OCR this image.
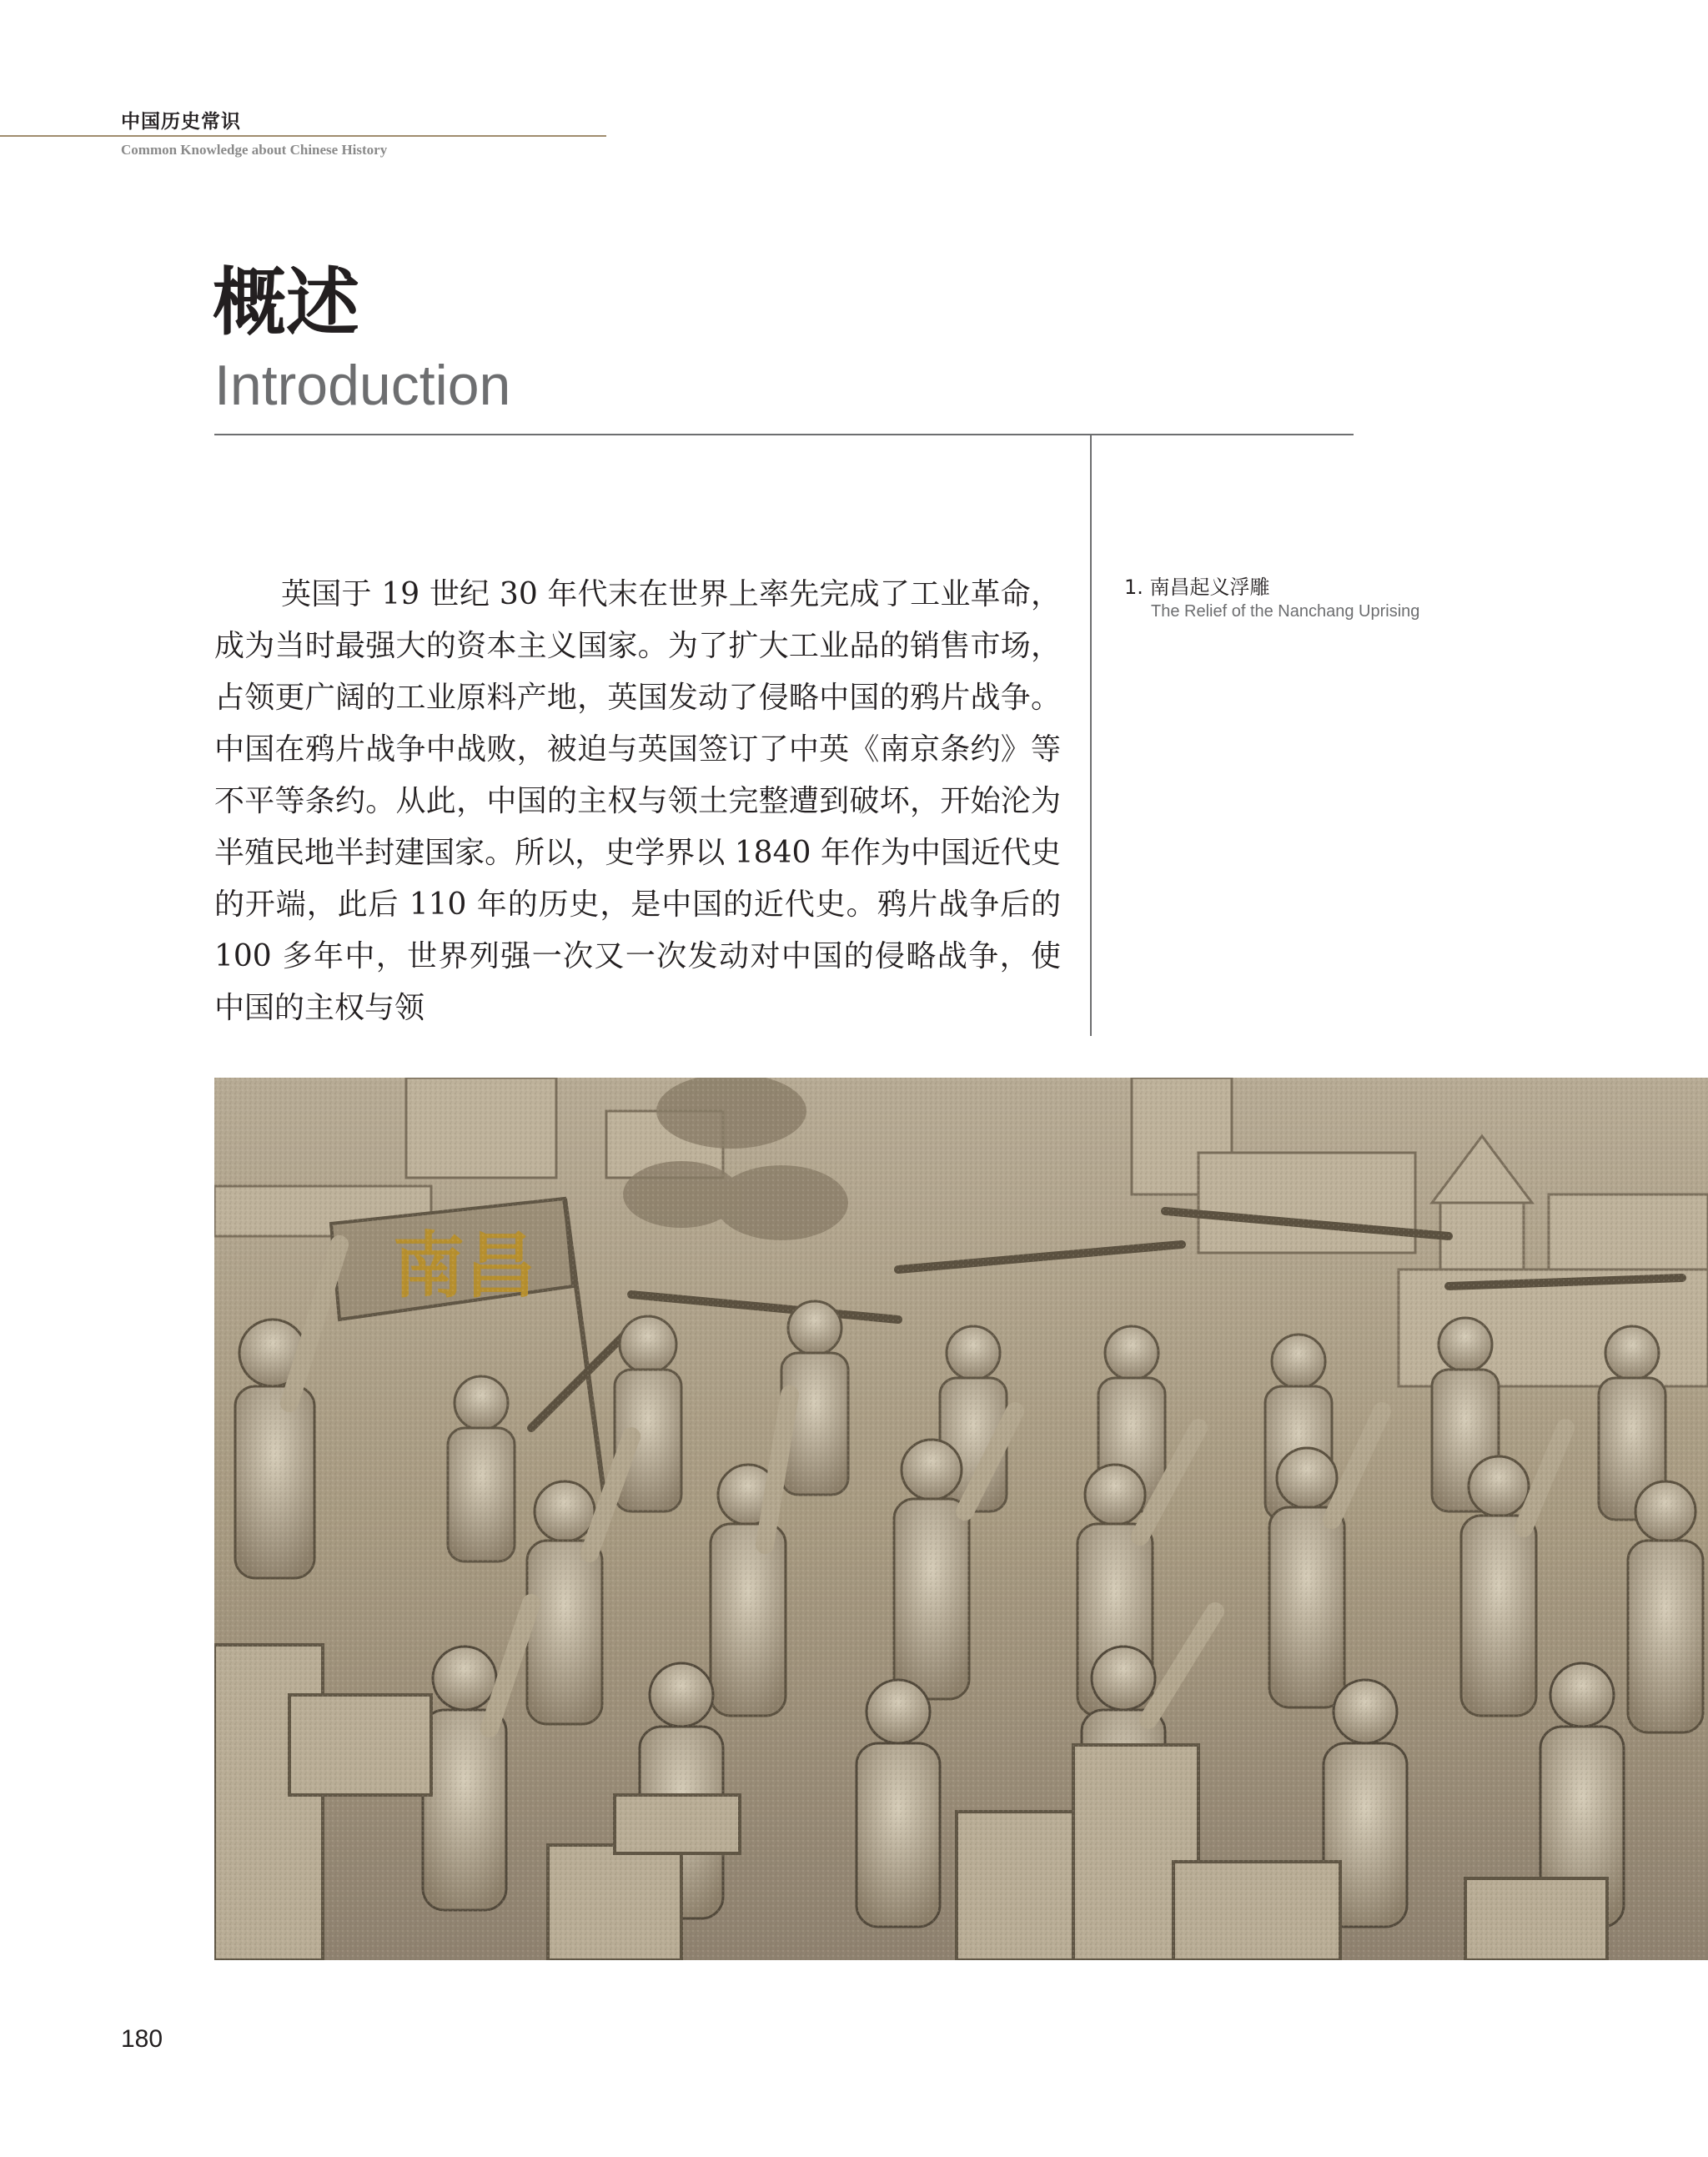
中国历史常识
Common Knowledge about Chinese History
概述
Introduction

英国于 19 世纪 30 年代末在世界上率先完成了工业革命，成为当时最强大的资本主义国家。为了扩大工业品的销售市场，占领更广阔的工业原料产地，英国发动了侵略中国的鸦片战争。中国在鸦片战争中战败，被迫与英国签订了中英《南京条约》等不平等条约。从此，中国的主权与领土完整遭到破坏，开始沦为半殖民地半封建国家。所以，史学界以 1840 年作为中国近代史的开端，此后 110 年的历史，是中国的近代史。鸦片战争后的 100 多年中，世界列强一次又一次发动对中国的侵略战争，使中国的主权与领

1. 南昌起义浮雕
The Relief of the Nanchang Uprising
180
